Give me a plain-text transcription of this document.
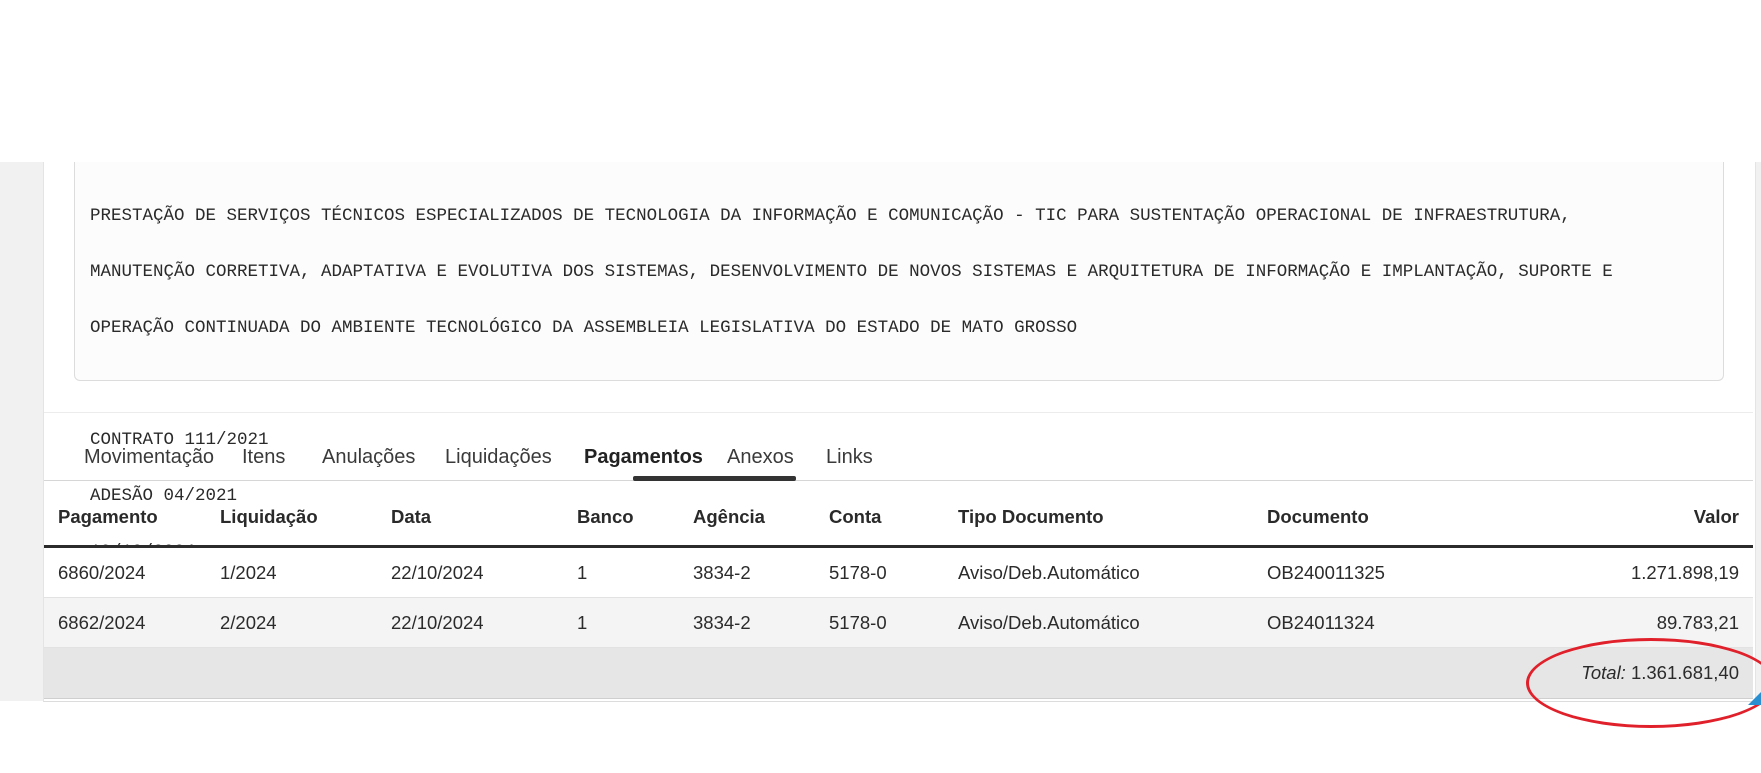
PRESTAÇÃO DE SERVIÇOS TÉCNICOS ESPECIALIZADOS DE TECNOLOGIA DA INFORMAÇÃO E COMUNICAÇÃO - TIC PARA SUSTENTAÇÃO OPERACIONAL DE INFRAESTRUTURA,

MANUTENÇÃO CORRETIVA, ADAPTATIVA E EVOLUTIVA DOS SISTEMAS, DESENVOLVIMENTO DE NOVOS SISTEMAS E ARQUITETURA DE INFORMAÇÃO E IMPLANTAÇÃO, SUPORTE E

OPERAÇÃO CONTINUADA DO AMBIENTE TECNOLÓGICO DA ASSEMBLEIA LEGISLATIVA DO ESTADO DE MATO GROSSO

CONTRATO 111/2021

ADESÃO 04/2021

Movimentação Itens Anulações Liquidações Pagamentos Anexos Links
Pagamento	Liquidação	Data	Banco	Agência	Conta	Tipo Documento	Documento	Valor
6860/2024	1/2024	22/10/2024	1	3834-2	5178-0	Aviso/Deb.Automático	OB240011325	1.271.898,19
6862/2024	2/2024	22/10/2024	1	3834-2	5178-0	Aviso/Deb.Automático	OB24011324	89.783,21
Total: 1.361.681,40								
